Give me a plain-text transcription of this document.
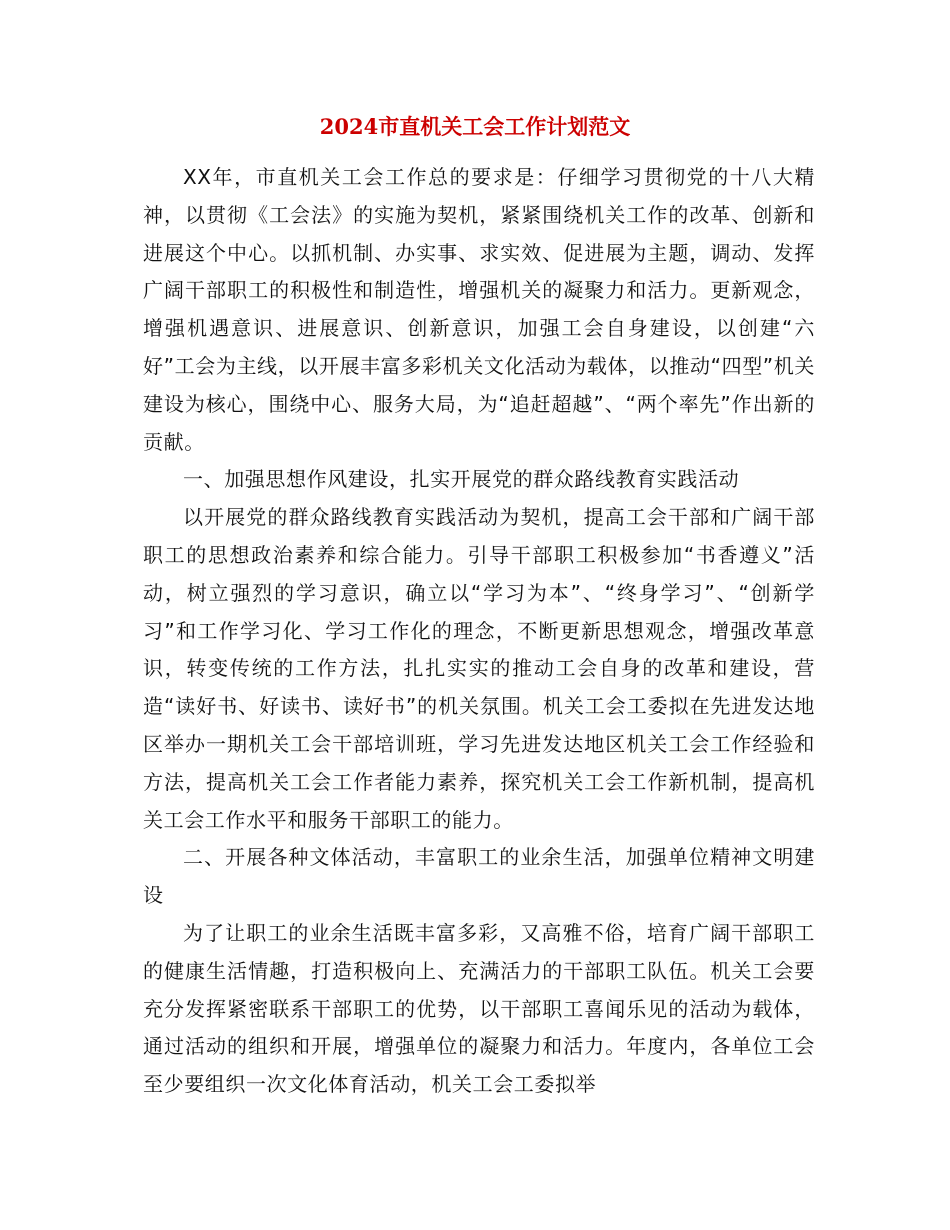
2024市直机关工会工作计划范文

XX年，市直机关工会工作总的要求是：仔细学习贯彻党的十八大精神，以贯彻《工会法》的实施为契机，紧紧围绕机关工作的改革、创新和进展这个中心。以抓机制、办实事、求实效、促进展为主题，调动、发挥广阔干部职工的积极性和制造性，增强机关的凝聚力和活力。更新观念，增强机遇意识、进展意识、创新意识，加强工会自身建设，以创建“六好”工会为主线，以开展丰富多彩机关文化活动为载体，以推动“四型”机关建设为核心，围绕中心、服务大局，为“追赶超越”、“两个率先”作出新的贡献。

一、加强思想作风建设，扎实开展党的群众路线教育实践活动

以开展党的群众路线教育实践活动为契机，提高工会干部和广阔干部职工的思想政治素养和综合能力。引导干部职工积极参加“书香遵义”活动，树立强烈的学习意识，确立以“学习为本”、“终身学习”、“创新学习”和工作学习化、学习工作化的理念，不断更新思想观念，增强改革意识，转变传统的工作方法，扎扎实实的推动工会自身的改革和建设，营造“读好书、好读书、读好书”的机关氛围。机关工会工委拟在先进发达地区举办一期机关工会干部培训班，学习先进发达地区机关工会工作经验和方法，提高机关工会工作者能力素养，探究机关工会工作新机制，提高机关工会工作水平和服务干部职工的能力。

二、开展各种文体活动，丰富职工的业余生活，加强单位精神文明建设

为了让职工的业余生活既丰富多彩，又高雅不俗，培育广阔干部职工的健康生活情趣，打造积极向上、充满活力的干部职工队伍。机关工会要充分发挥紧密联系干部职工的优势，以干部职工喜闻乐见的活动为载体，通过活动的组织和开展，增强单位的凝聚力和活力。年度内，各单位工会至少要组织一次文化体育活动，机关工会工委拟举
